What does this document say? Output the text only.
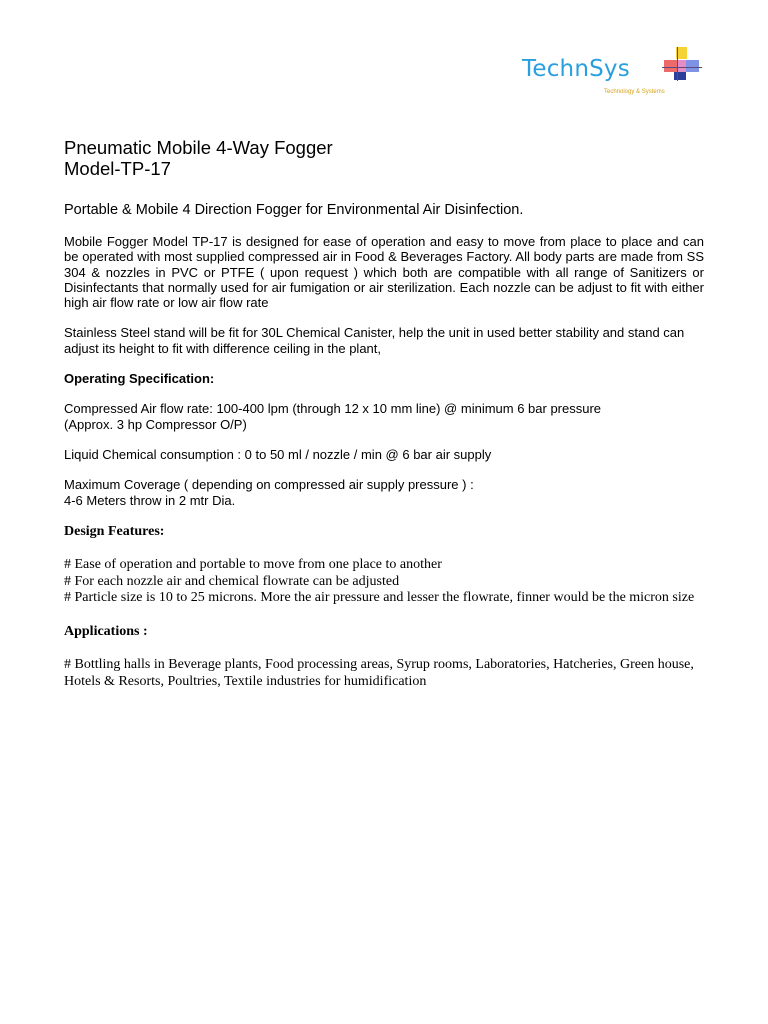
TechnSys
Technology & Systems

Pneumatic Mobile 4-Way Fogger

Model-TP-17

Portable & Mobile 4 Direction Fogger for Environmental Air Disinfection.

Mobile Fogger Model TP-17 is designed for ease of operation and easy to move from place to place and can be operated with most supplied compressed air in Food & Beverages Factory. All body parts are made from SS 304 & nozzles in PVC or PTFE ( upon request ) which both are compatible with all range of Sanitizers or Disinfectants that normally used for air fumigation or air sterilization. Each nozzle can be adjust to fit with either high air flow rate or low air flow rate

Stainless Steel stand will be fit for 30L Chemical Canister, help the unit in used better stability and stand can adjust its height to fit with difference ceiling in the plant,

Operating Specification:

Compressed Air flow rate: 100-400 lpm (through 12 x 10 mm line) @ minimum 6 bar pressure
(Approx. 3 hp Compressor O/P)

Liquid Chemical consumption : 0 to 50 ml / nozzle / min @ 6 bar air supply

Maximum Coverage ( depending on compressed air supply pressure ) :
4-6 Meters throw in 2 mtr Dia.

Design Features:

# Ease of operation and portable to move from one place to another
# For each nozzle air and chemical flowrate can be adjusted
# Particle size is 10 to 25 microns. More the air pressure and lesser the flowrate, finner would be the micron size

Applications :

# Bottling halls in Beverage plants, Food processing areas, Syrup rooms, Laboratories, Hatcheries, Green house, Hotels & Resorts, Poultries, Textile industries for humidification
